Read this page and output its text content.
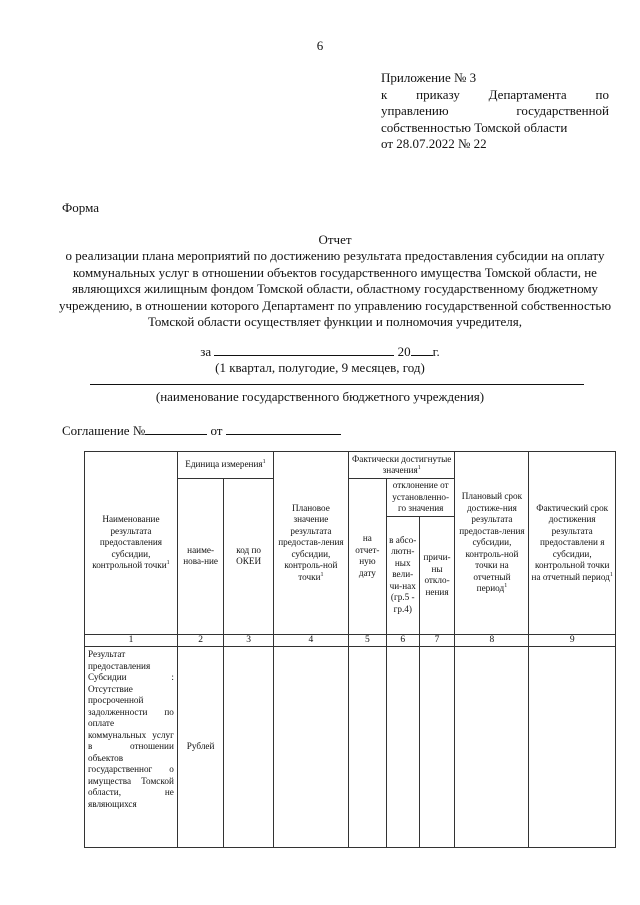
6
Приложение № 3
к приказу Департамента по
управлению	государственной
собственностью Томской области
от 28.07.2022 № 22
Форма
Отчет
о реализации плана мероприятий по достижению результата предоставления субсидии на оплату коммунальных услуг в отношении объектов государственного имущества Томской области, не являющихся жилищным фондом Томской области, областному государственному бюджетному учреждению, в отношении которого Департамент по управлению государственной собственностью Томской области осуществляет функции и полномочия учредителя,
за	20 г.
(1 квартал, полугодие, 9 месяцев, год)
(наименование государственного бюджетного учреждения)
Соглашение №	от
Наименование результата предоставления субсидии, контрольной точки$^1$	Единица измерения$^1$		Плановое значение результата предостав-ления субсидии, контроль-ной точки$^1$	Фактически достигнутые значения$^1$			Плановый срок достиже-ния результата предостав-ления субсидии, контроль-ной точки на отчетный период$^1$	Фактический срок достижения результата предоставлени я субсидии, контрольной точки на отчетный период$^1$
	наиме-нова-ние	код по ОКЕИ		на отчет-ную дату	отклонение от установленно-го значения			
					в абсо-лютн-ных вели-чи-нах (гр.5 - гр.4)	причи-ны откло-нения		
1	2	3	4	5	6	7	8	9
Результат предоставления Субсидии : Отсутствие просроченной задолженности по оплате коммунальных услуг в отношении объектов государственног о имущества Томской области, не являющихся	Рублей							
